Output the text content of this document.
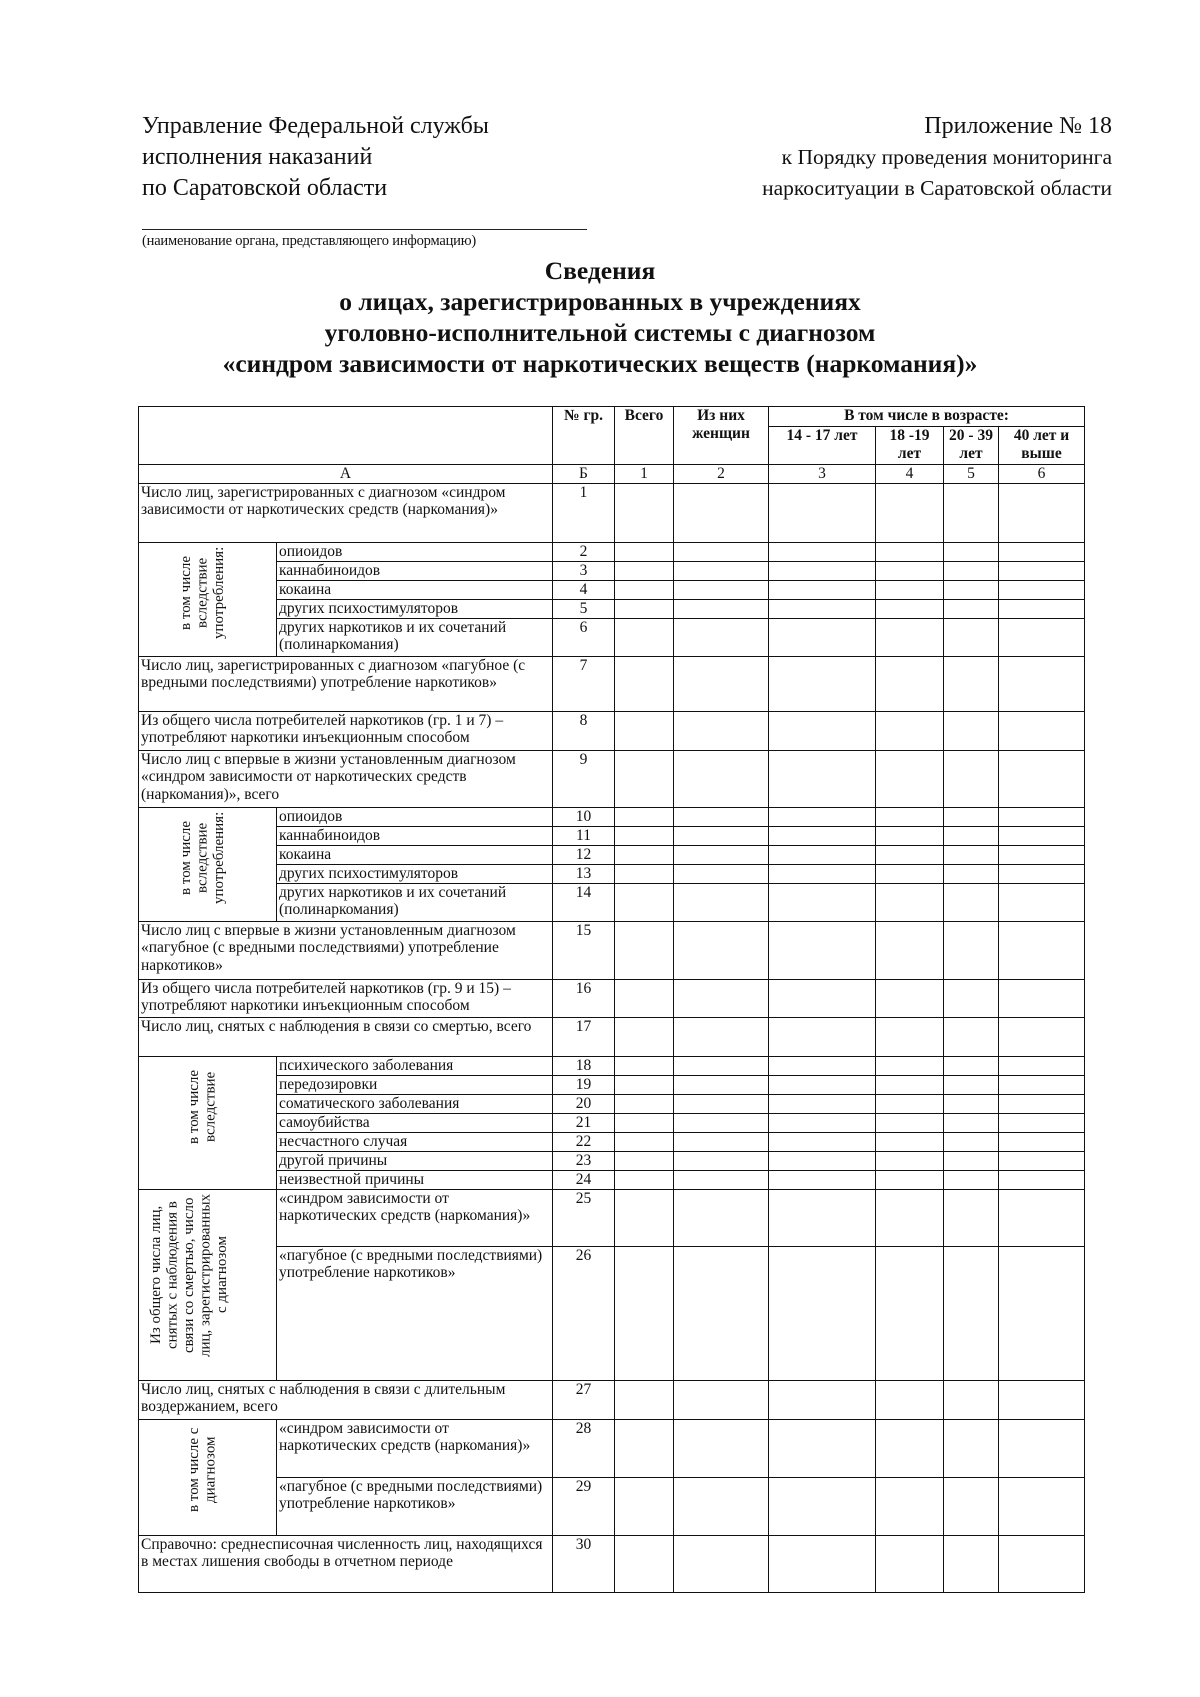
Управление Федеральной службы
исполнения наказаний
по Саратовской области
Приложение № 18
к Порядку проведения мониторинга
наркоситуации в Саратовской области
(наименование органа, представляющего информацию)
Сведения
о лицах, зарегистрированных в учреждениях
уголовно-исполнительной системы с диагнозом
«синдром зависимости от наркотических веществ (наркомания)»
		№ гр.	Всего	Из них женщин	В том числе в возрасте:			
					14 - 17 лет	18 -19 лет	20 - 39 лет	40 лет и выше
А		Б	1	2	3	4	5	6
Число лиц, зарегистрированных с диагнозом «синдром зависимости от наркотических средств (наркомания)»		1						
в том числе вследствие употребления:	опиоидов	2						
	каннабиноидов	3						
	кокаина	4						
	других психостимуляторов	5						
	других наркотиков и их сочетаний (полинаркомания)	6						
Число лиц, зарегистрированных с диагнозом «пагубное (с вредными последствиями) употребление наркотиков»		7						
Из общего числа потребителей наркотиков (гр. 1 и 7) – употребляют наркотики инъекционным способом		8						
Число лиц с впервые в жизни установленным диагнозом «синдром зависимости от наркотических средств (наркомания)», всего		9						
в том числе вследствие употребления:	опиоидов	10						
	каннабиноидов	11						
	кокаина	12						
	других психостимуляторов	13						
	других наркотиков и их сочетаний (полинаркомания)	14						
Число лиц с впервые в жизни установленным диагнозом «пагубное (с вредными последствиями) употребление наркотиков»		15						
Из общего числа потребителей наркотиков (гр. 9 и 15) – употребляют наркотики инъекционным способом		16						
Число лиц, снятых с наблюдения в связи со смертью, всего		17						
в том числе вследствие	психического заболевания	18						
	передозировки	19						
	соматического заболевания	20						
	самоубийства	21						
	несчастного случая	22						
	другой причины	23						
	неизвестной причины	24						
Из общего числа лиц, снятых с наблюдения в связи со смертью, число лиц, зарегистрированных с диагнозом	«синдром зависимости от наркотических средств (наркомания)»	25						
	«пагубное (с вредными последствиями) употребление наркотиков»	26						
Число лиц, снятых с наблюдения в связи с длительным воздержанием, всего		27						
в том числе с диагнозом	«синдром зависимости от наркотических средств (наркомания)»	28						
	«пагубное (с вредными последствиями) употребление наркотиков»	29						
Справочно: среднесписочная численность лиц, находящихся в местах лишения свободы в отчетном периоде		30						
